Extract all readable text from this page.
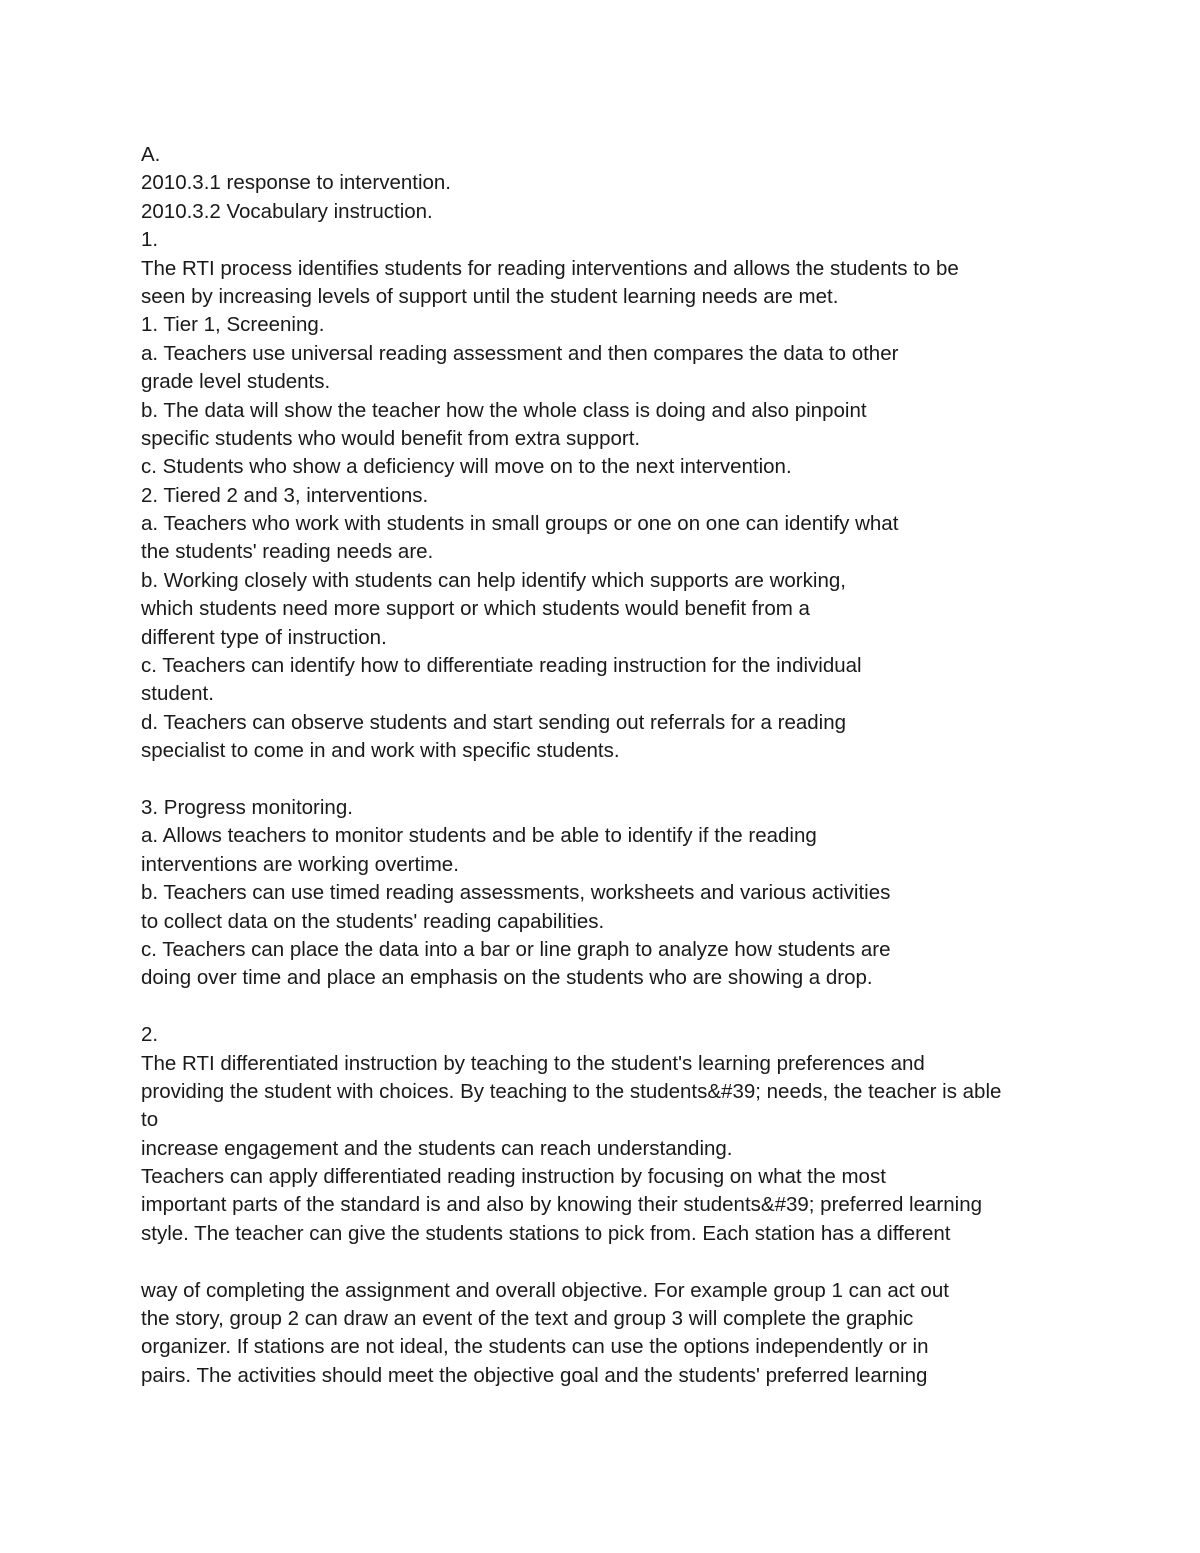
A.
2010.3.1 response to intervention.
2010.3.2 Vocabulary instruction.
1.
The RTI process identifies students for reading interventions and allows the students to be
seen by increasing levels of support until the student learning needs are met.
1. Tier 1, Screening.
a. Teachers use universal reading assessment and then compares the data to other
grade level students.
b. The data will show the teacher how the whole class is doing and also pinpoint
specific students who would benefit from extra support.
c. Students who show a deficiency will move on to the next intervention.
2. Tiered 2 and 3, interventions.
a. Teachers who work with students in small groups or one on one can identify what
the students' reading needs are.
b. Working closely with students can help identify which supports are working,
which students need more support or which students would benefit from a
different type of instruction.
c. Teachers can identify how to differentiate reading instruction for the individual
student.
d. Teachers can observe students and start sending out referrals for a reading
specialist to come in and work with specific students.
3. Progress monitoring.
a. Allows teachers to monitor students and be able to identify if the reading
interventions are working overtime.
b. Teachers can use timed reading assessments, worksheets and various activities
to collect data on the students' reading capabilities.
c. Teachers can place the data into a bar or line graph to analyze how students are
doing over time and place an emphasis on the students who are showing a drop.
2.
The RTI differentiated instruction by teaching to the student's learning preferences and
providing the student with choices. By teaching to the students&#39; needs, the teacher is able
to
increase engagement and the students can reach understanding.
Teachers can apply differentiated reading instruction by focusing on what the most
important parts of the standard is and also by knowing their students&#39; preferred learning
style. The teacher can give the students stations to pick from. Each station has a different
way of completing the assignment and overall objective. For example group 1 can act out
the story, group 2 can draw an event of the text and group 3 will complete the graphic
organizer. If stations are not ideal, the students can use the options independently or in
pairs. The activities should meet the objective goal and the students' preferred learning
